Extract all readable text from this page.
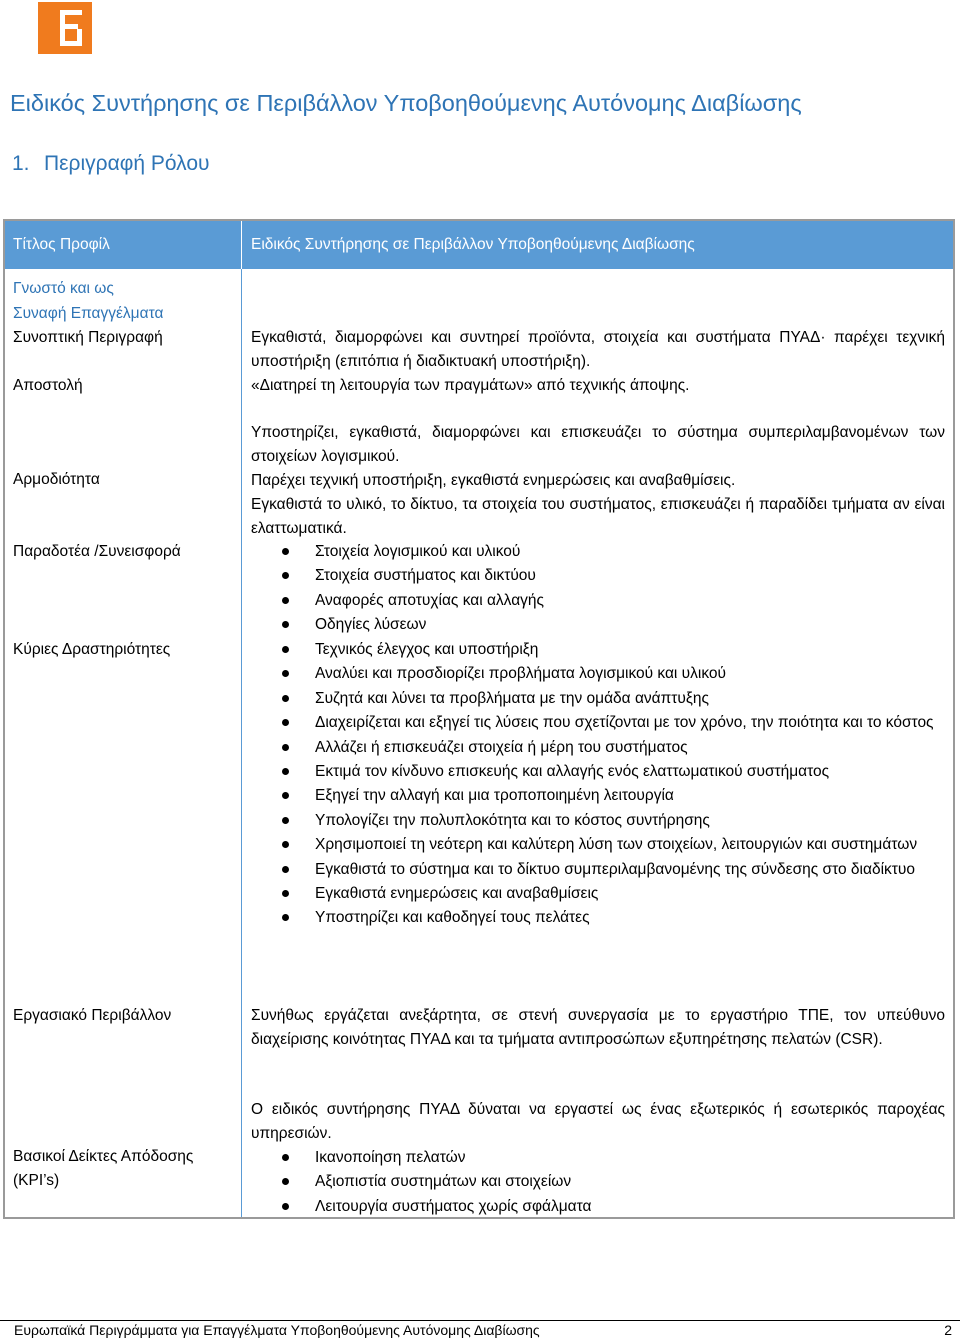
Ειδικός Συντήρησης σε Περιβάλλον Υποβοηθούμενης Αυτόνομης Διαβίωσης
1. Περιγραφή Ρόλου
Τίτλος Προφίλ	Ειδικός Συντήρησης σε Περιβάλλον Υποβοηθούμενης Διαβίωσης
Γνωστό και ως
Συναφή Επαγγέλματα
Συνοπτική Περιγραφή
Αποστολή
Αρμοδιότητα
Παραδοτέα /Συνεισφορά
Κύριες Δραστηριότητες
Εργασιακό Περιβάλλον
Βασικοί Δείκτες Απόδοσης
(KPI’s)
Εγκαθιστά, διαμορφώνει και συντηρεί προϊόντα, στοιχεία και συστήματα ΠΥΑΔ· παρέχει τεχνική υποστήριξη (επιτόπια ή διαδικτυακή υποστήριξη).
«Διατηρεί τη λειτουργία των πραγμάτων» από τεχνικής άποψης.
Υποστηρίζει, εγκαθιστά, διαμορφώνει και επισκευάζει το σύστημα συμπεριλαμβανομένων των στοιχείων λογισμικού.
Παρέχει τεχνική υποστήριξη, εγκαθιστά ενημερώσεις και αναβαθμίσεις.
Εγκαθιστά το υλικό, το δίκτυο, τα στοιχεία του συστήματος, επισκευάζει ή παραδίδει τμήματα αν είναι ελαττωματικά.
Στοιχεία λογισμικού και υλικού
Στοιχεία συστήματος και δικτύου
Αναφορές αποτυχίας και αλλαγής
Οδηγίες λύσεων
Τεχνικός έλεγχος και υποστήριξη
Αναλύει και προσδιορίζει προβλήματα λογισμικού και υλικού
Συζητά και λύνει τα προβλήματα με την ομάδα ανάπτυξης
Διαχειρίζεται και εξηγεί τις λύσεις που σχετίζονται με τον χρόνο, την ποιότητα και το κόστος
Αλλάζει ή επισκευάζει στοιχεία ή μέρη του συστήματος
Εκτιμά τον κίνδυνο επισκευής και αλλαγής ενός ελαττωματικού συστήματος
Εξηγεί την αλλαγή και μια τροποποιημένη λειτουργία
Υπολογίζει την πολυπλοκότητα και το κόστος συντήρησης
Χρησιμοποιεί τη νεότερη και καλύτερη λύση των στοιχείων, λειτουργιών και συστημάτων
Εγκαθιστά το σύστημα και το δίκτυο συμπεριλαμβανομένης της σύνδεσης στο διαδίκτυο
Εγκαθιστά ενημερώσεις και αναβαθμίσεις
Υποστηρίζει και καθοδηγεί τους πελάτες
Συνήθως εργάζεται ανεξάρτητα, σε στενή συνεργασία με το εργαστήριο ΤΠΕ, τον υπεύθυνο διαχείρισης κοινότητας ΠΥΑΔ και τα τμήματα αντιπροσώπων εξυπηρέτησης πελατών (CSR).
Ο ειδικός συντήρησης ΠΥΑΔ δύναται να εργαστεί ως ένας εξωτερικός ή εσωτερικός παροχέας υπηρεσιών.
Ικανοποίηση πελατών
Αξιοπιστία συστημάτων και στοιχείων
Λειτουργία συστήματος χωρίς σφάλματα
Ευρωπαϊκά Περιγράμματα για Επαγγέλματα Υποβοηθούμενης Αυτόνομης Διαβίωσης	2
